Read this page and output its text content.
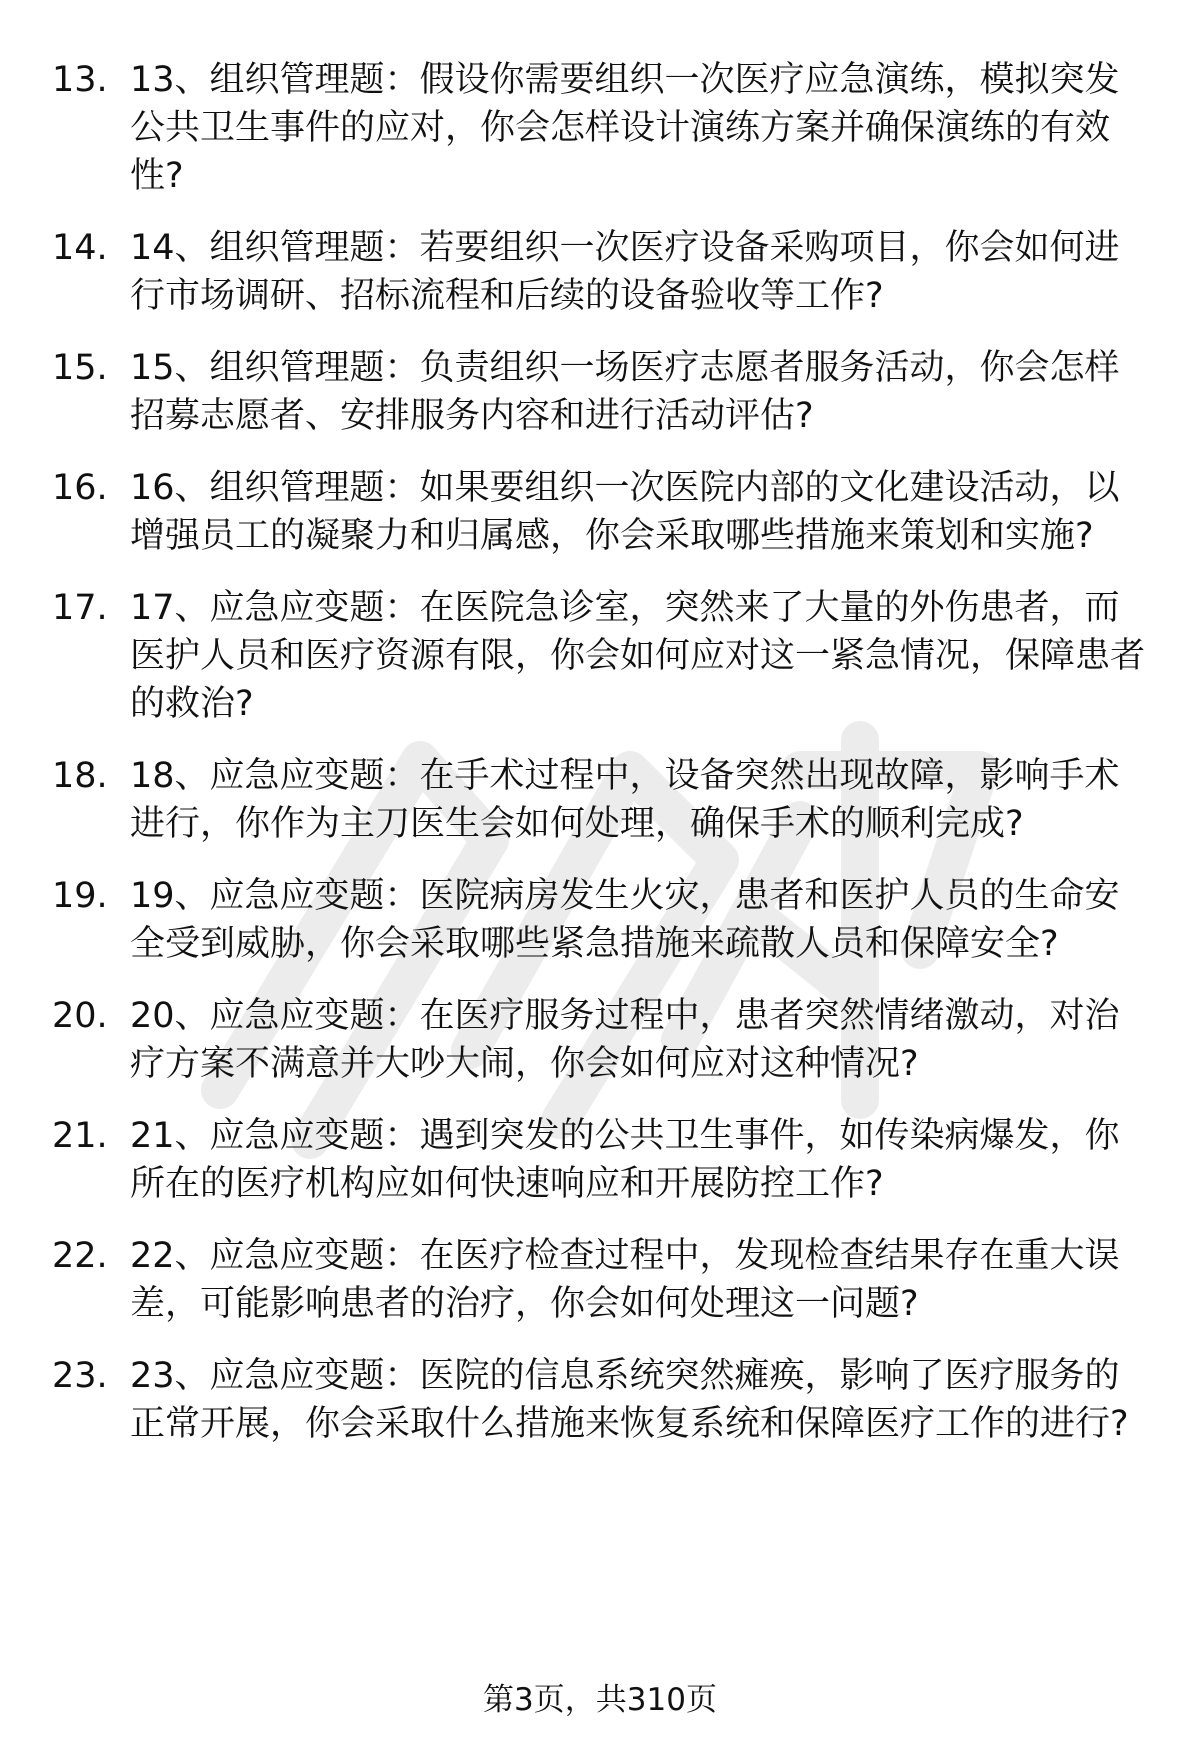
13. 13、组织管理题：假设你需要组织一次医疗应急演练，模拟突发公共卫生事件的应对，你会怎样设计演练方案并确保演练的有效性?
14. 14、组织管理题：若要组织一次医疗设备采购项目，你会如何进行市场调研、招标流程和后续的设备验收等工作?
15. 15、组织管理题：负责组织一场医疗志愿者服务活动，你会怎样招募志愿者、安排服务内容和进行活动评估?
16. 16、组织管理题：如果要组织一次医院内部的文化建设活动，以增强员工的凝聚力和归属感，你会采取哪些措施来策划和实施?
17. 17、应急应变题：在医院急诊室，突然来了大量的外伤患者，而医护人员和医疗资源有限，你会如何应对这一紧急情况，保障患者的救治?
18. 18、应急应变题：在手术过程中，设备突然出现故障，影响手术进行，你作为主刀医生会如何处理，确保手术的顺利完成?
19. 19、应急应变题：医院病房发生火灾，患者和医护人员的生命安全受到威胁，你会采取哪些紧急措施来疏散人员和保障安全?
20. 20、应急应变题：在医疗服务过程中，患者突然情绪激动，对治疗方案不满意并大吵大闹，你会如何应对这种情况?
21. 21、应急应变题：遇到突发的公共卫生事件，如传染病爆发，你所在的医疗机构应如何快速响应和开展防控工作?
22. 22、应急应变题：在医疗检查过程中，发现检查结果存在重大误差，可能影响患者的治疗，你会如何处理这一问题?
23. 23、应急应变题：医院的信息系统突然瘫痪，影响了医疗服务的正常开展，你会采取什么措施来恢复系统和保障医疗工作的进行?
第3页，共310页
